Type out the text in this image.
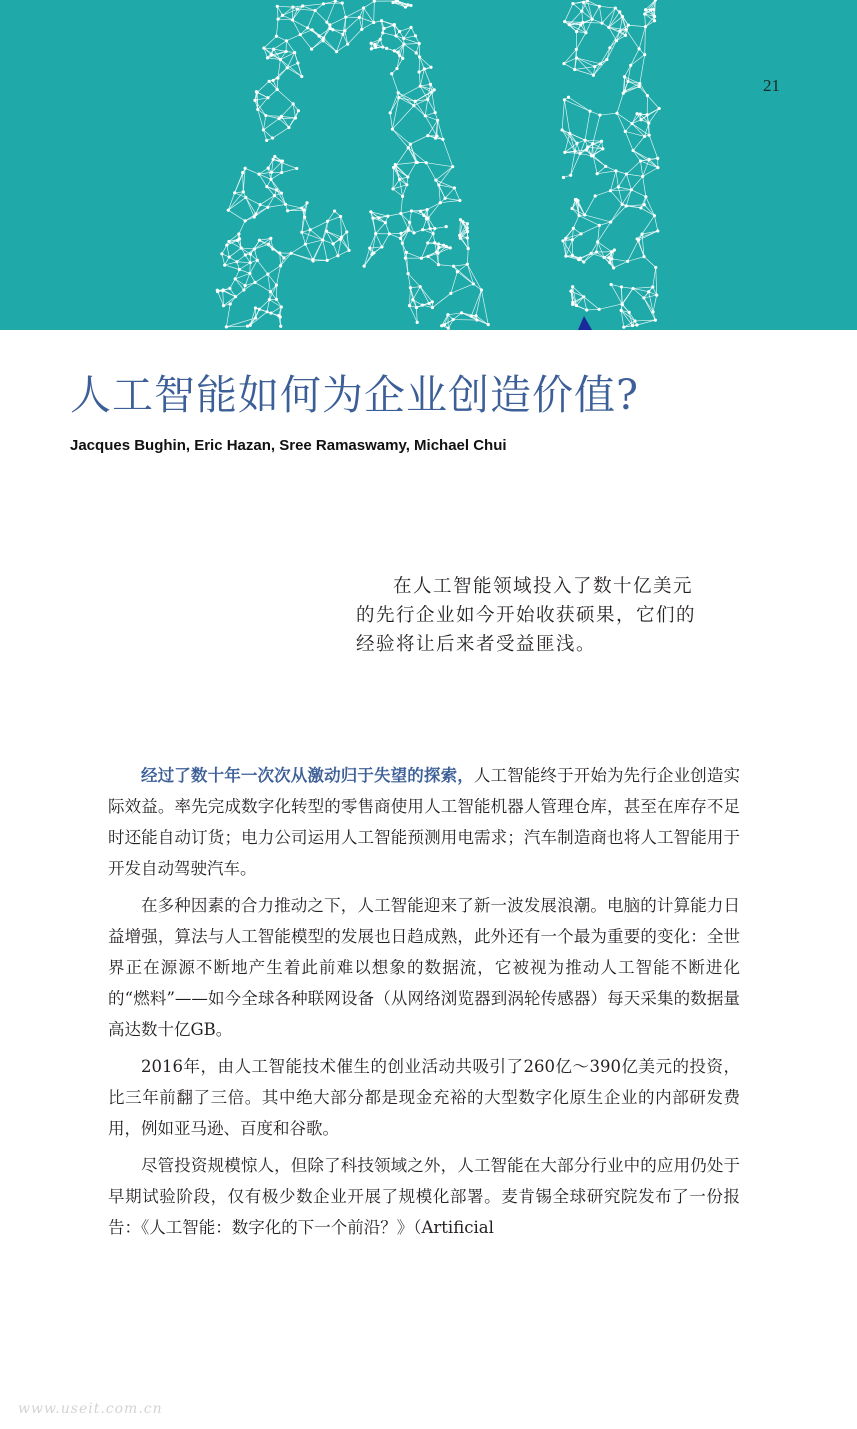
21
人工智能如何为企业创造价值?
Jacques Bughin, Eric Hazan, Sree Ramaswamy, Michael Chui

在人工智能领域投入了数十亿美元

的先行企业如今开始收获硕果，它们的

经验将让后来者受益匪浅。

经过了数十年一次次从激动归于失望的探索，人工智能终于开始为先行企业创造实际效益。率先完成数字化转型的零售商使用人工智能机器人管理仓库，甚至在库存不足时还能自动订货；电力公司运用人工智能预测用电需求；汽车制造商也将人工智能用于开发自动驾驶汽车。

在多种因素的合力推动之下，人工智能迎来了新一波发展浪潮。电脑的计算能力日益增强，算法与人工智能模型的发展也日趋成熟，此外还有一个最为重要的变化：全世界正在源源不断地产生着此前难以想象的数据流，它被视为推动人工智能不断进化的“燃料”——如今全球各种联网设备（从网络浏览器到涡轮传感器）每天采集的数据量高达数十亿GB。

2016年，由人工智能技术催生的创业活动共吸引了260亿～390亿美元的投资，比三年前翻了三倍。其中绝大部分都是现金充裕的大型数字化原生企业的内部研发费用，例如亚马逊、百度和谷歌。

尽管投资规模惊人，但除了科技领域之外，人工智能在大部分行业中的应用仍处于早期试验阶段，仅有极少数企业开展了规模化部署。麦肯锡全球研究院发布了一份报告：《人工智能：数字化的下一个前沿？》（Artificial

www.useit.com.cn
